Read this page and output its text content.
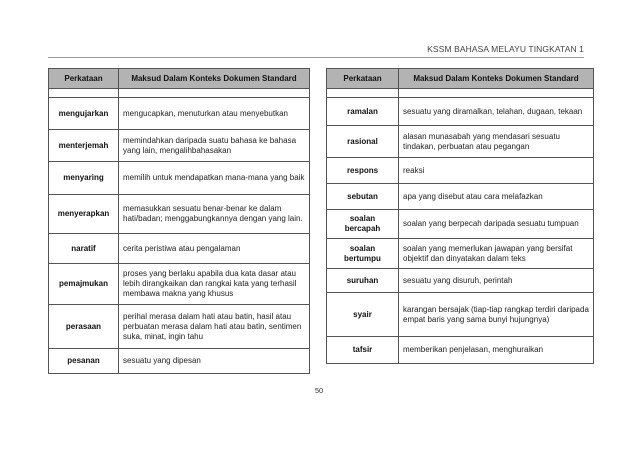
KSSM BAHASA MELAYU TINGKATAN 1
Perkataan	Maksud Dalam Konteks Dokumen Standard

mengujarkan	mengucapkan, menuturkan atau menyebutkan
menterjemah	memindahkan daripada suatu bahasa ke bahasa yang lain, mengalihbahasakan
menyaring	memilih untuk mendapatkan mana-mana yang baik
menyerapkan	memasukkan sesuatu benar-benar ke dalam hati/badan; menggabungkannya dengan yang lain.
naratif	cerita peristiwa atau pengalaman
pemajmukan	proses yang berlaku apabila dua kata dasar atau lebih dirangkaikan dan rangkai kata yang terhasil membawa makna yang khusus
perasaan	perihal merasa dalam hati atau batin, hasil atau perbuatan merasa dalam hati atau batin, sentimen suka, minat, ingin tahu
pesanan	sesuatu yang dipesan
Perkataan	Maksud Dalam Konteks Dokumen Standard

ramalan	sesuatu yang diramalkan, telahan, dugaan, tekaan
rasional	alasan munasabah yang mendasari sesuatu tindakan, perbuatan atau pegangan
respons	reaksi
sebutan	apa yang disebut atau cara melafazkan
soalan bercapah	soalan yang berpecah daripada sesuatu tumpuan
soalan bertumpu	soalan yang memerlukan jawapan yang bersifat objektif dan dinyatakan dalam teks
suruhan	sesuatu yang disuruh, perintah
syair	karangan bersajak (tiap-tiap rangkap terdiri daripada empat baris yang sama bunyi hujungnya)
tafsir	memberikan penjelasan, menghuraikan
50
